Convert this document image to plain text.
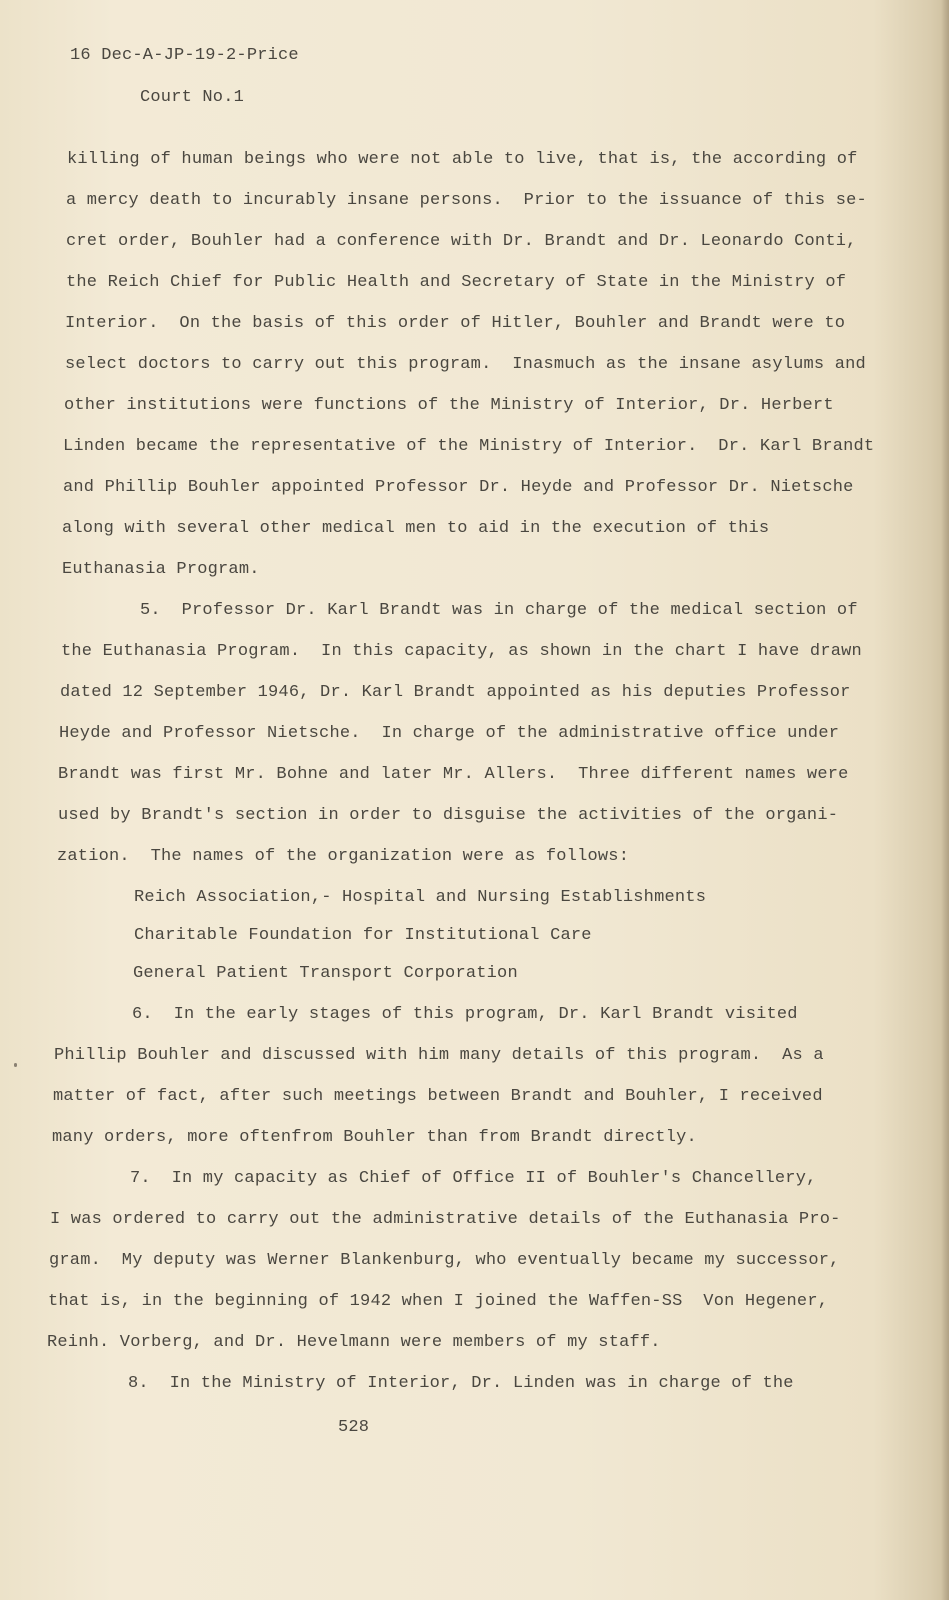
16 Dec-A-JP-19-2-Price
Court No.1
killing of human beings who were not able to live, that is, the according of
a mercy death to incurably insane persons.  Prior to the issuance of this se-
cret order, Bouhler had a conference with Dr. Brandt and Dr. Leonardo Conti,
the Reich Chief for Public Health and Secretary of State in the Ministry of
Interior.  On the basis of this order of Hitler, Bouhler and Brandt were to
select doctors to carry out this program.  Inasmuch as the insane asylums and
other institutions were functions of the Ministry of Interior, Dr. Herbert
Linden became the representative of the Ministry of Interior.  Dr. Karl Brandt
and Phillip Bouhler appointed Professor Dr. Heyde and Professor Dr. Nietsche
along with several other medical men to aid in the execution of this
Euthanasia Program.
5.  Professor Dr. Karl Brandt was in charge of the medical section of
the Euthanasia Program.  In this capacity, as shown in the chart I have drawn
dated 12 September 1946, Dr. Karl Brandt appointed as his deputies Professor
Heyde and Professor Nietsche.  In charge of the administrative office under
Brandt was first Mr. Bohne and later Mr. Allers.  Three different names were
used by Brandt's section in order to disguise the activities of the organi-
zation.  The names of the organization were as follows:
Reich Association,- Hospital and Nursing Establishments
Charitable Foundation for Institutional Care
General Patient Transport Corporation
6.  In the early stages of this program, Dr. Karl Brandt visited
Phillip Bouhler and discussed with him many details of this program.  As a
matter of fact, after such meetings between Brandt and Bouhler, I received
many orders, more oftenfrom Bouhler than from Brandt directly.
7.  In my capacity as Chief of Office II of Bouhler's Chancellery,
I was ordered to carry out the administrative details of the Euthanasia Pro-
gram.  My deputy was Werner Blankenburg, who eventually became my successor,
that is, in the beginning of 1942 when I joined the Waffen-SS  Von Hegener,
Reinh. Vorberg, and Dr. Hevelmann were members of my staff.
8.  In the Ministry of Interior, Dr. Linden was in charge of the
528
